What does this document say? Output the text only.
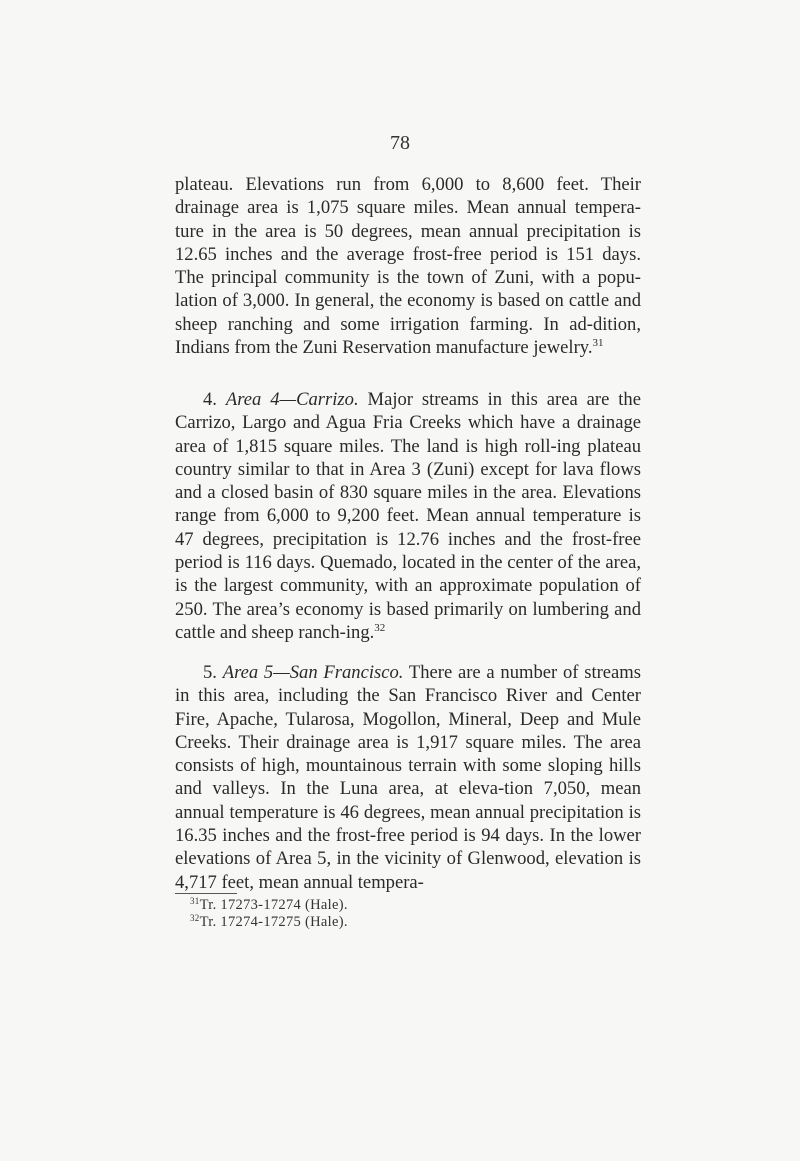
78

plateau. Elevations run from 6,000 to 8,600 feet. Their drainage area is 1,075 square miles. Mean annual tempera-ture in the area is 50 degrees, mean annual precipitation is 12.65 inches and the average frost-free period is 151 days. The principal community is the town of Zuni, with a popu-lation of 3,000. In general, the economy is based on cattle and sheep ranching and some irrigation farming. In ad-dition, Indians from the Zuni Reservation manufacture jewelry.$^{31}$

4. Area 4—Carrizo. Major streams in this area are the Carrizo, Largo and Agua Fria Creeks which have a drainage area of 1,815 square miles. The land is high roll-ing plateau country similar to that in Area 3 (Zuni) except for lava flows and a closed basin of 830 square miles in the area. Elevations range from 6,000 to 9,200 feet. Mean annual temperature is 47 degrees, precipitation is 12.76 inches and the frost-free period is 116 days. Quemado, located in the center of the area, is the largest community, with an approximate population of 250. The area’s economy is based primarily on lumbering and cattle and sheep ranch-ing.$^{32}$

5. Area 5—San Francisco. There are a number of streams in this area, including the San Francisco River and Center Fire, Apache, Tularosa, Mogollon, Mineral, Deep and Mule Creeks. Their drainage area is 1,917 square miles. The area consists of high, mountainous terrain with some sloping hills and valleys. In the Luna area, at eleva-tion 7,050, mean annual temperature is 46 degrees, mean annual precipitation is 16.35 inches and the frost-free period is 94 days. In the lower elevations of Area 5, in the vicinity of Glenwood, elevation is 4,717 feet, mean annual tempera-

$^{31}$Tr. 17273-17274 (Hale).
$^{32}$Tr. 17274-17275 (Hale).
